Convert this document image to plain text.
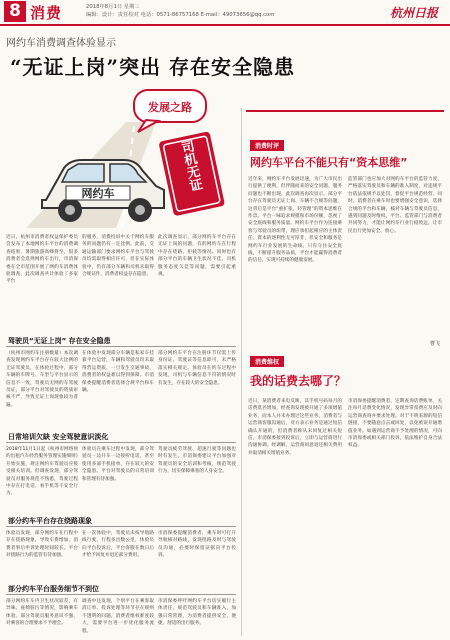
8 消费	2018年8月1日 星期三
编辑：设计：责任校对 电话：0571-86757168 E-mail：49073656@qq.com	杭州日报
网约车消费调查体验显示
“无证上岗”突出 存在安全隐患
发展之路
网约车
司机无证
近日，杭州市消费者权益保护委员会发布了本地网约车平台的消费调查结果，暑期旅游高峰将至，很多消费者会选择网约车出行，市消保委在全市范围开展了网约车消费体验调查。此次调查共计体验了多家平台
的服务，消费投诉中关于网约车服务的问题仍有一定比例。此前，交通运输部门要求网约车平台与驾驶员均需取得相应许可，但在实际体验中，仍有部分车辆和司机未取得合规证件，消费者权益存在隐患。
此次调查显示，部分网约车平台存在无证上岗的问题，有的网约车在行程中存在绕路、拒载等情况。同时也有部分平台的车辆卫生状况不佳、司机服务态度欠佳等问题，需要引起重视。
驾驶员“无证上岗” 存在安全隐患
（杭州市网约车注册数量）本次调查发现网约车平台存在较大比例的无证驾驶员，在体验过程中，部分车辆的车牌号、车型与平台显示的信息不一致，驾驶员无网约车驾驶员证。部分平台对驾驶员的资质审核不严，导致无证上岗现象较为普遍。
在体验中发现部分车辆是私家车挂靠平台运营，车辆和驾驶员均未取得营运资质，一旦发生交通事故，消费者的权益难以得到保障。市消保委提醒消费者选择合规平台和车辆。
部分网约车平台在注册环节仅需上传身份证、驾驶证等信息即可，未严格落实相关规定。体验员在约车过程中发现，司机与车辆信息不符的情况时有发生，存在较大的安全隐患。
日常培训欠缺 安全驾驶意识淡化
2018年11月1日起《杭州市网络预约出租汽车经营服务管理实施细则》开始实施，规定网约车驾驶员应接受相关培训。但调查发现，部分驾驶员对服务规范不熟悉，驾驶过程中存在打电话、看手机等不安全行为。
体验员在乘车过程中发现，部分驾驶员一边开车一边接听电话，甚至使用多部手机接单，存在较大的安全隐患。平台对驾驶员的日常培训和管理有待加强。
驾驶员疲劳驾驶、超速行驶等问题也时有发生。市消保委建议平台加强对驾驶员的安全培训和考核，规范驾驶行为，切实保障乘客的人身安全。
部分约车平台存在绕路现象
体验员发现，部分网约车在行程中存在绕路现象，导致车费增加，消费者事后申诉处理时间较长。平台对绕路行为的监管有待加强。
在一次体验中，驾驶员未按导航路线行驶，行程多出数公里，体验员向平台投诉后，平台客服在数日后才给予回复并退还部分费用。
市消保委提醒消费者，乘车时可打开导航核对路线，发现绕路及时与驾驶员沟通，必要时保留证据向平台投诉。
部分约车平台服务细节不到位
部分网约车车内卫生状况较差，有异味、座椅脏污等情况，影响乘车体验。部分驾驶员服务意识不强，对乘客的合理要求不予理会。
调查中还发现，个别平台在乘客取消订单、投诉处理等环节存在规则不透明的问题，消费者维权难度较大，需要平台进一步优化服务流程。
市消保委呼吁网约车平台切实履行主体责任，规范驾驶员和车辆准入，加强日常管理，为消费者提供安全、便捷、舒适的出行服务。
消费时评
网约车平台不能只有“资本思维”
近年来，网约车平台发展迅速，为广大市民出行提供了便利，但伴随而来的安全问题、服务问题也不断出现。此次调查再次显示，部分平台存在驾驶员无证上岗、车辆不合规等问题，这背后是平台“重扩张、轻管理”的资本思维在作祟。平台一味追求规模和市场份额，忽视了安全底线和服务质量。网约车平台作为连接乘客与驾驶员的纽带，理应承担起相应的主体责任。资本的逐利性无可厚非，但安全和服务是网约车行业发展的生命线。只有守住安全底线，不断提升服务品质，平台才能赢得消费者的信任，实现可持续的健康发展。
监管部门也应加大对网约车平台的监管力度，严格落实驾驶员和车辆的准入制度，对违规平台依法依规予以处罚，督促平台规范经营。同时，消费者在乘车时也要增强安全意识，选择合规的平台和车辆，核对车辆与驾驶员信息，遇到问题及时维权。平台、监管部门与消费者共同努力，才能让网约车行业行稳致远，让市民出行更加安全、放心。
曹飞
消费维权
我的话费去哪了？
近日，某消费者来电反映，其手机号码每月的话费莫名增加，经查询发现被开通了多项增值业务，而本人并未办理过这些业务。消费者与运营商客服沟通后，对方表示业务是通过短信确认开通的，但消费者称从未回复过相关短信。市消保委接到投诉后，立即与运营商进行沟通协调。经调解，运营商同意退还相关费用并取消相关增值业务。
市消保委提醒消费者，定期查询话费账单，关注每月话费变化情况，发现异常扣费应及时向运营商查询并要求处理。对于不明来源的短信链接，不要随意点击或回复，以免被误开通增值业务。如遇到运营商不予处理的情况，可向市消保委或相关部门投诉，依法维护自身合法权益。
